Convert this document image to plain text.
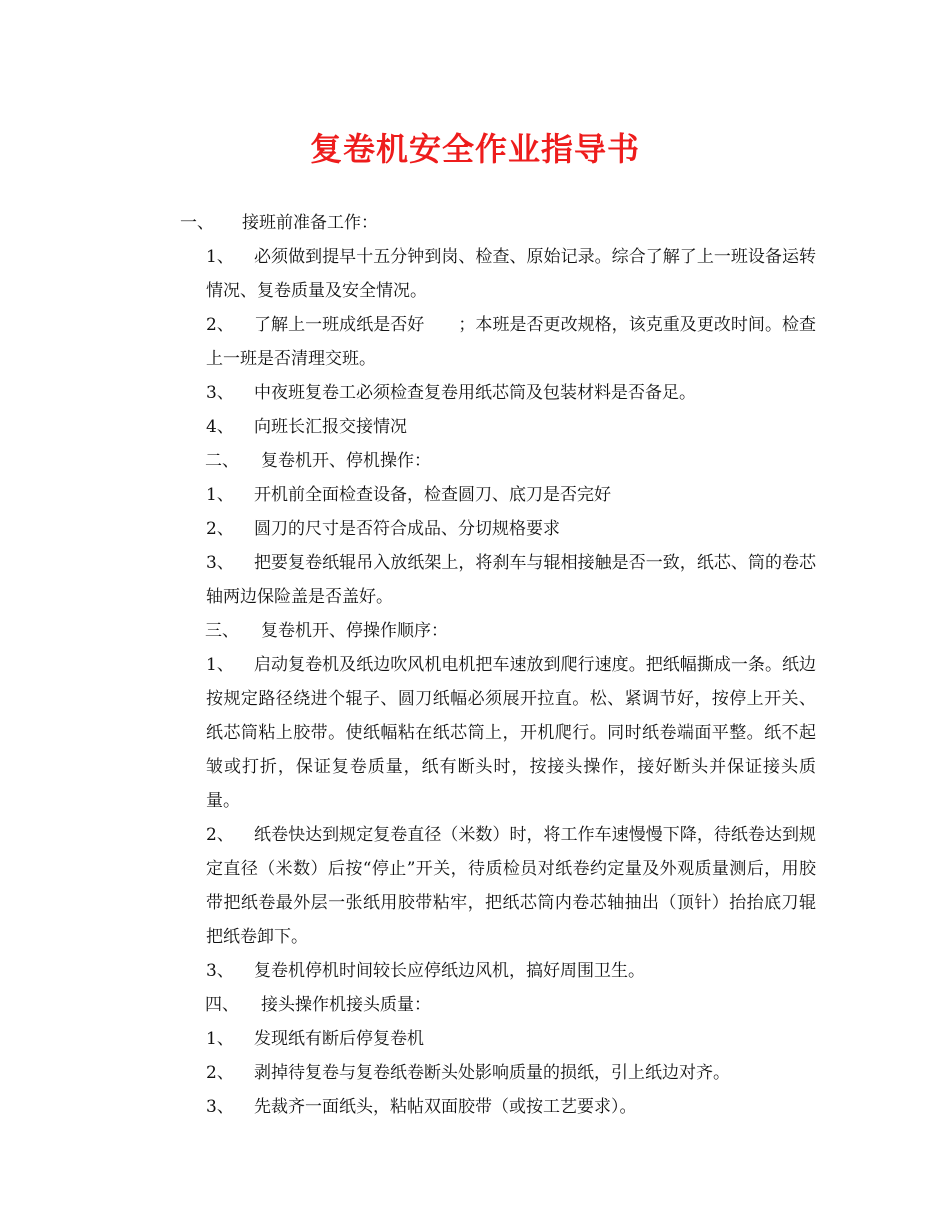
复卷机安全作业指导书

一、 接班前准备工作：

1、 必须做到提早十五分钟到岗、检查、原始记录。综合了解了上一班设备运转情况、复卷质量及安全情况。

2、 了解上一班成纸是否好　　；本班是否更改规格，该克重及更改时间。检查上一班是否清理交班。

3、 中夜班复卷工必须检查复卷用纸芯筒及包装材料是否备足。

4、 向班长汇报交接情况

二、 复卷机开、停机操作：

1、 开机前全面检查设备，检查圆刀、底刀是否完好

2、 圆刀的尺寸是否符合成品、分切规格要求

3、 把要复卷纸辊吊入放纸架上，将刹车与辊相接触是否一致，纸芯、筒的卷芯轴两边保险盖是否盖好。

三、 复卷机开、停操作顺序：

1、 启动复卷机及纸边吹风机电机把车速放到爬行速度。把纸幅撕成一条。纸边按规定路径绕进个辊子、圆刀纸幅必须展开拉直。松、紧调节好，按停上开关、纸芯筒粘上胶带。使纸幅粘在纸芯筒上，开机爬行。同时纸卷端面平整。纸不起皱或打折，保证复卷质量，纸有断头时，按接头操作，接好断头并保证接头质量。

2、 纸卷快达到规定复卷直径（米数）时，将工作车速慢慢下降，待纸卷达到规定直径（米数）后按“停止”开关，待质检员对纸卷约定量及外观质量测后，用胶带把纸卷最外层一张纸用胶带粘牢，把纸芯筒内卷芯轴抽出（顶针）抬抬底刀辊把纸卷卸下。

3、 复卷机停机时间较长应停纸边风机，搞好周围卫生。

四、 接头操作机接头质量：

1、 发现纸有断后停复卷机

2、 剥掉待复卷与复卷纸卷断头处影响质量的损纸，引上纸边对齐。

3、 先裁齐一面纸头，粘帖双面胶带（或按工艺要求）。
